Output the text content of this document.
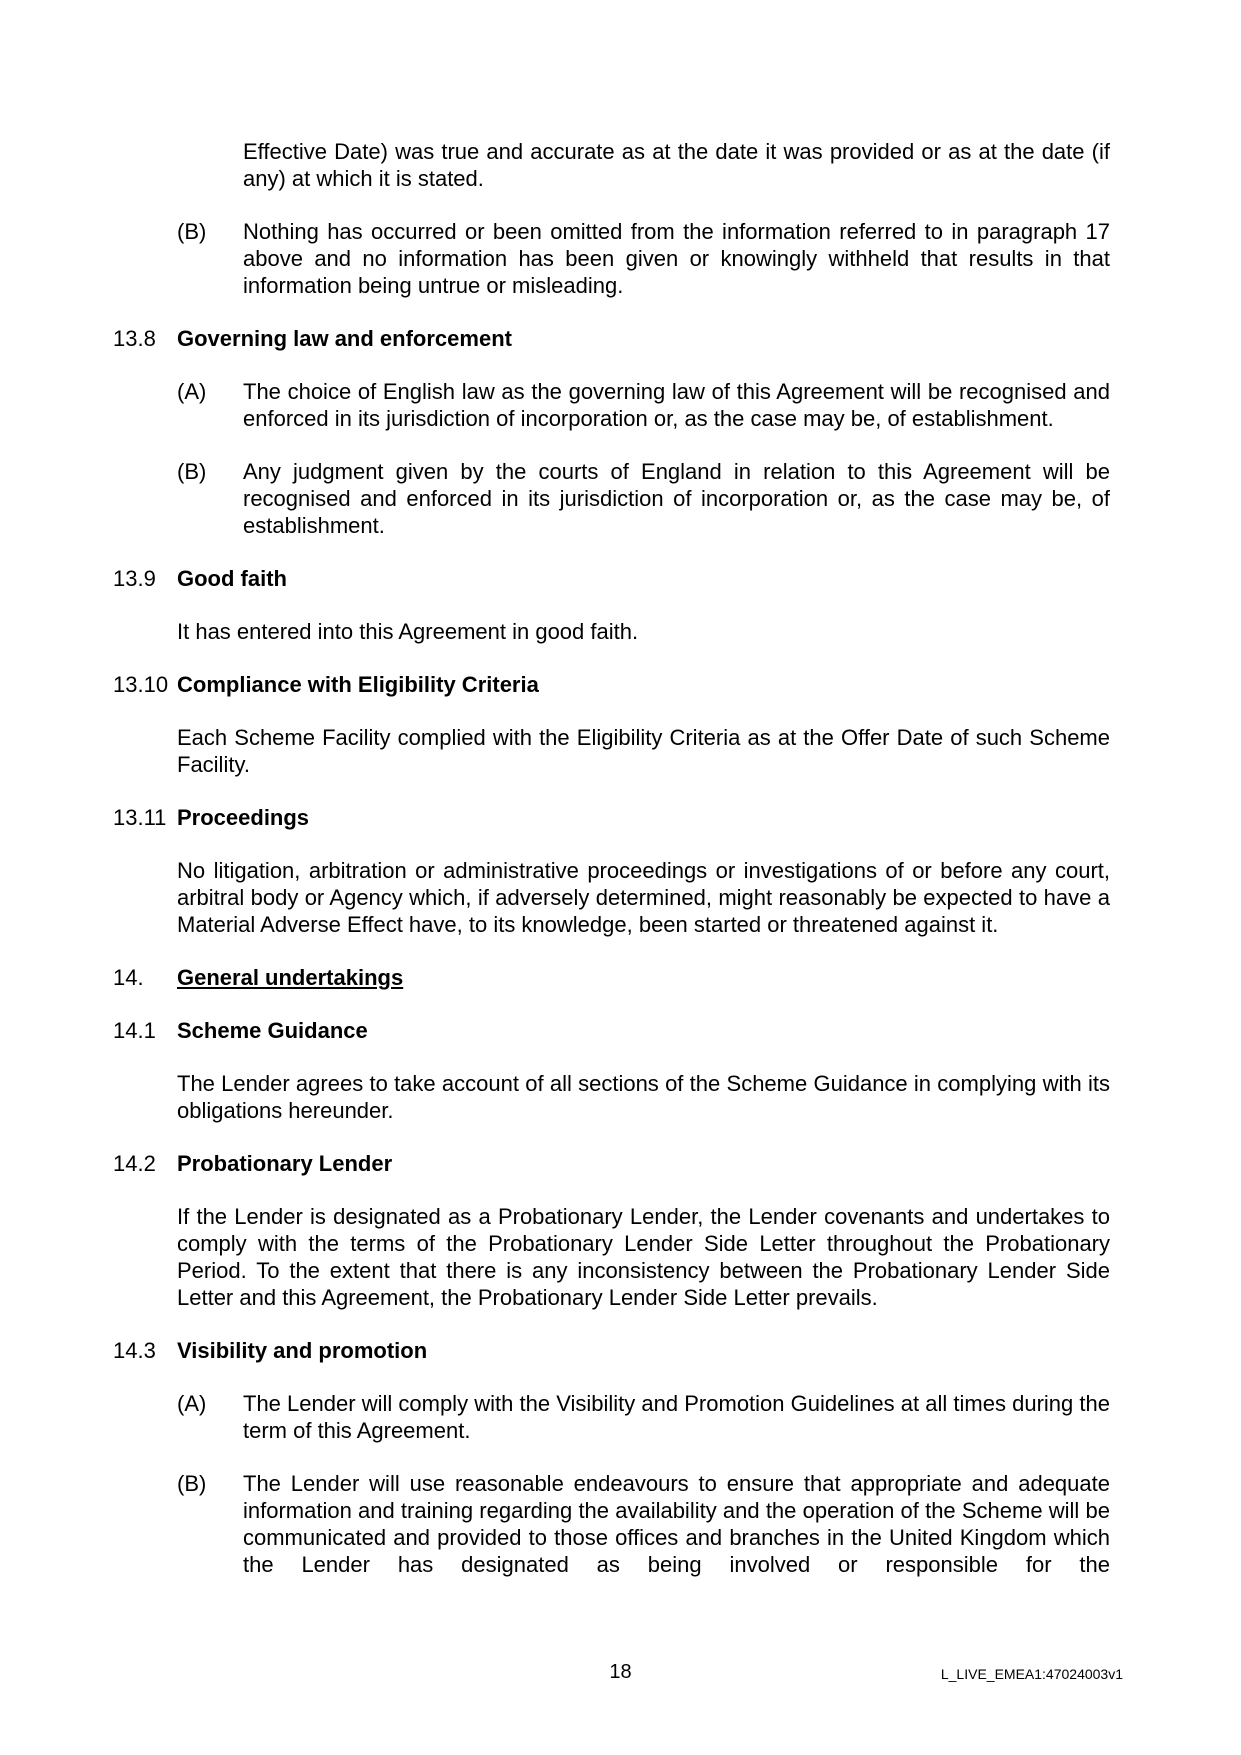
Effective Date) was true and accurate as at the date it was provided or as at the date (if any) at which it is stated.

(B)	Nothing has occurred or been omitted from the information referred to in paragraph 17 above and no information has been given or knowingly withheld that results in that information being untrue or misleading.
13.8 Governing law and enforcement
(A)	The choice of English law as the governing law of this Agreement will be recognised and enforced in its jurisdiction of incorporation or, as the case may be, of establishment.
(B)	Any judgment given by the courts of England in relation to this Agreement will be recognised and enforced in its jurisdiction of incorporation or, as the case may be, of establishment.
13.9 Good faith

It has entered into this Agreement in good faith.

13.10 Compliance with Eligibility Criteria

Each Scheme Facility complied with the Eligibility Criteria as at the Offer Date of such Scheme Facility.

13.11 Proceedings

No litigation, arbitration or administrative proceedings or investigations of or before any court, arbitral body or Agency which, if adversely determined, might reasonably be expected to have a Material Adverse Effect have, to its knowledge, been started or threatened against it.

14.	General undertakings
14.1 Scheme Guidance

The Lender agrees to take account of all sections of the Scheme Guidance in complying with its obligations hereunder.

14.2 Probationary Lender

If the Lender is designated as a Probationary Lender, the Lender covenants and undertakes to comply with the terms of the Probationary Lender Side Letter throughout the Probationary Period. To the extent that there is any inconsistency between the Probationary Lender Side Letter and this Agreement, the Probationary Lender Side Letter prevails.

14.3 Visibility and promotion
(A)	The Lender will comply with the Visibility and Promotion Guidelines at all times during the term of this Agreement.
(B)	The Lender will use reasonable endeavours to ensure that appropriate and adequate information and training regarding the availability and the operation of the Scheme will be communicated and provided to those offices and branches in the United Kingdom which the Lender has designated as being involved or responsible for the
18	L_LIVE_EMEA1:47024003v1
